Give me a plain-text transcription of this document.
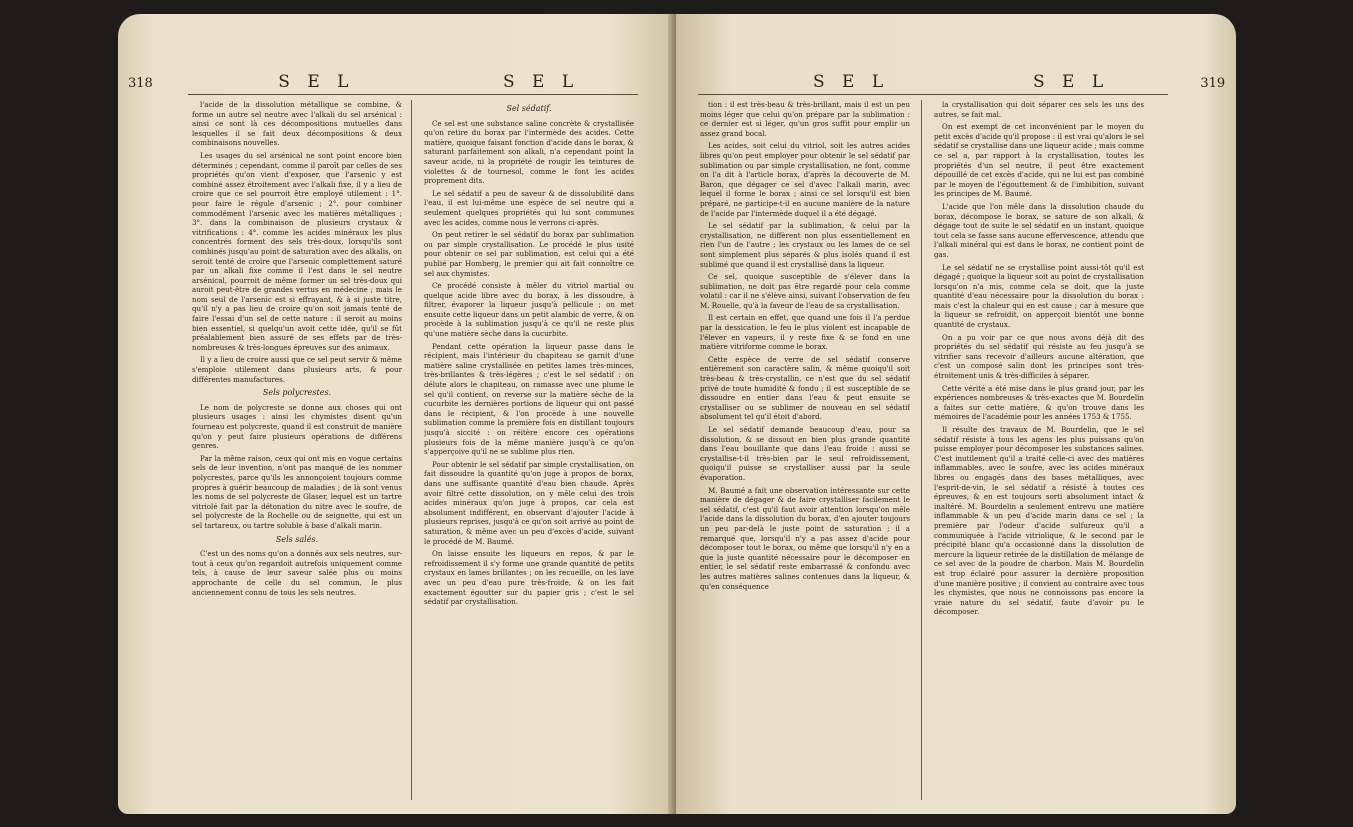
318	S E L	S E L

l'acide de la dissolution métallique se combine, & forme un autre sel neutre avec l'alkali du sel arsénical : ainsi ce sont là ces décompositions mutuelles dans lesquelles il se fait deux décompositions & deux combinaisons nouvelles.

Les usages du sel arsénical ne sont point encore bien déterminés ; cependant, comme il paroît par celles de ses propriétés qu'on vient d'exposer, que l'arsenic y est combiné assez étroitement avec l'alkali fixe, il y a lieu de croire que ce sel pourroit être employé utilement : 1°. pour faire le régule d'arsenic ; 2°. pour combiner commodément l'arsenic avec les matières métalliques ; 3°. dans la combinaison de plusieurs crystaux & vitrifications : 4°. comme les acides minéraux les plus concentrés forment des sels très-doux, lorsqu'ils sont combinés jusqu'au point de saturation avec des alkalis, on seroit tenté de croire que l'arsenic complettement saturé par un alkali fixe comme il l'est dans le sel neutre arsénical, pourroit de même former un sel très-doux qui auroit peut-être de grandes vertus en médecine ; mais le nom seul de l'arsenic est si effrayant, & à si juste titre, qu'il n'y a pas lieu de croire qu'on soit jamais tenté de faire l'essai d'un sel de cette nature : il seroit au moins bien essentiel, si quelqu'un avoit cette idée, qu'il se fût préalablement bien assuré de ses effets par de très-nombreuses & très-longues épreuves sur des animaux.

Il y a lieu de croire aussi que ce sel peut servir & même s'emploie utilement dans plusieurs arts, & pour différentes manufactures.

Sels polycrestes.

Le nom de polycreste se donne aux choses qui ont plusieurs usages : ainsi les chymistes disent qu'un fourneau est polycreste, quand il est construit de manière qu'on y peut faire plusieurs opérations de différens genres.

Par la même raison, ceux qui ont mis en vogue certains sels de leur invention, n'ont pas manqué de les nommer polycrestes, parce qu'ils les annonçoient toujours comme propres à guérir beaucoup de maladies ; de là sont venus les noms de sel polycreste de Glaser, lequel est un tartre vitriolé fait par la détonation du nitre avec le soufre, de sel polycreste de la Rochelle ou de seignette, qui est un sel tartareux, ou tartre soluble à base d'alkali marin.

Sels salés.

C'est un des noms qu'on a donnés aux sels neutres, sur-tout à ceux qu'on regardoit autrefois uniquement comme tels, à cause de leur saveur salée plus ou moins approchante de celle du sel commun, le plus anciennement connu de tous les sels neutres.

Sel sédatif.

Ce sel est une substance saline concrète & crystallisée qu'on retire du borax par l'intermède des acides. Cette matière, quoique faisant fonction d'acide dans le borax, & saturant parfaitement son alkali, n'a cependant point la saveur acide, ni la propriété de rougir les teintures de violettes & de tournesol, comme le font les acides proprement dits.

Le sel sédatif a peu de saveur & de dissolubilité dans l'eau, il est lui-même une espèce de sel neutre qui a seulement quelques propriétés qui lui sont communes avec les acides, comme nous le verrons ci-après.

On peut retirer le sel sédatif du borax par sublimation ou par simple crystallisation. Le procédé le plus usité pour obtenir ce sel par sublimation, est celui qui a été publié par Homberg, le premier qui ait fait connoître ce sel aux chymistes.

Ce procédé consiste à mêler du vitriol martial ou quelque acide libre avec du borax, à les dissoudre, à filtrer, évaporer la liqueur jusqu'à pellicule ; on met ensuite cette liqueur dans un petit alambic de verre, & on procède à la sublimation jusqu'à ce qu'il ne reste plus qu'une matière sèche dans la cucurbite.

Pendant cette opération la liqueur passe dans le récipient, mais l'intérieur du chapiteau se garnit d'une matière saline crystallisée en petites lames très-minces, très-brillantes & très-légères ; c'est le sel sédatif : on délute alors le chapiteau, on ramasse avec une plume le sel qu'il contient, on reverse sur la matière sèche de la cucurbite les dernières portions de liqueur qui ont passé dans le récipient, & l'on procède à une nouvelle sublimation comme la première fois en distillant toujours jusqu'à siccité : on réitère encore ces opérations plusieurs fois de la même manière jusqu'à ce qu'on s'apperçoive qu'il ne se sublime plus rien.

Pour obtenir le sel sédatif par simple crystallisation, on fait dissoudre la quantité qu'on juge à propos de borax, dans une suffisante quantité d'eau bien chaude. Après avoir filtré cette dissolution, on y mêle celui des trois acides minéraux qu'on juge à propos, car cela est absolument indifférent, en observant d'ajouter l'acide à plusieurs reprises, jusqu'à ce qu'on soit arrivé au point de saturation, & même avec un peu d'excès d'acide, suivant le procédé de M. Baumé.

On laisse ensuite les liqueurs en repos, & par le refroidissement il s'y forme une grande quantité de petits crystaux en lames brillantes ; on les recueille, on les lave avec un peu d'eau pure très-froide, & on les fait exactement égoutter sur du papier gris ; c'est le sel sédatif par crystallisation.

S E L	S E L	319

tion : il est très-beau & très-brillant, mais il est un peu moins léger que celui qu'on prépare par la sublimation : ce dernier est si léger, qu'un gros suffit pour emplir un assez grand bocal.

Les acides, soit celui du vitriol, soit les autres acides libres qu'on peut employer pour obtenir le sel sédatif par sublimation ou par simple crystallisation, ne font, comme on l'a dit à l'article borax, d'après la découverte de M. Baron, que dégager ce sel d'avec l'alkali marin, avec lequel il forme le borax ; ainsi ce sel lorsqu'il est bien préparé, ne participe-t-il en aucune manière de la nature de l'acide par l'intermède duquel il a été dégagé.

Le sel sédatif par la sublimation, & celui par la crystallisation, ne diffèrent non plus essentiellement en rien l'un de l'autre ; les crystaux ou les lames de ce sel sont simplement plus séparés & plus isolés quand il est sublimé que quand il est crystallisé dans la liqueur.

Ce sel, quoique susceptible de s'élever dans la sublimation, ne doit pas être regardé pour cela comme volatil : car il ne s'élève ainsi, suivant l'observation de feu M. Rouelle, qu'à la faveur de l'eau de sa crystallisation.

Il est certain en effet, que quand une fois il l'a perdue par la dessication, le feu le plus violent est incapable de l'élever en vapeurs, il y reste fixe & se fond en une matière vitriforme comme le borax.

Cette espèce de verre de sel sédatif conserve entièrement son caractère salin, & même quoiqu'il soit très-beau & très-crystallin, ce n'est que du sel sédatif privé de toute humidité & fondu ; il est susceptible de se dissoudre en entier dans l'eau & peut ensuite se crystalliser ou se sublimer de nouveau en sel sédatif absolument tel qu'il étoit d'abord.

Le sel sédatif demande beaucoup d'eau, pour sa dissolution, & se dissout en bien plus grande quantité dans l'eau bouillante que dans l'eau froide : aussi se crystallise-t-il très-bien par le seul refroidissement, quoiqu'il puisse se crystalliser aussi par la seule évaporation.

M. Baumé a fait une observation intéressante sur cette manière de dégager & de faire crystalliser facilement le sel sédatif, c'est qu'il faut avoir attention lorsqu'on mêle l'acide dans la dissolution du borax, d'en ajouter toujours un peu par-delà le juste point de saturation ; il a remarqué que, lorsqu'il n'y a pas assez d'acide pour décomposer tout le borax, ou même que lorsqu'il n'y en a que la juste quantité nécessaire pour le décomposer en entier, le sel sédatif reste embarrassé & confondu avec les autres matières salines contenues dans la liqueur, & qu'en conséquence

la crystallisation qui doit séparer ces sels les uns des autres, se fait mal.

On est exempt de cet inconvénient par le moyen du petit excès d'acide qu'il propose : il est vrai qu'alors le sel sédatif se crystallise dans une liqueur acide ; mais comme ce sel a, par rapport à la crystallisation, toutes les propriétés d'un sel neutre, il peut être exactement dépouillé de cet excès d'acide, qui ne lui est pas combiné par le moyen de l'égouttement & de l'imbibition, suivant les principes de M. Baumé.

L'acide que l'on mêle dans la dissolution chaude du borax, décompose le borax, se sature de son alkali, & dégage tout de suite le sel sédatif en un instant, quoique tout cela se fasse sans aucune effervescence, attendu que l'alkali minéral qui est dans le borax, ne contient point de gas.

Le sel sédatif ne se crystallise point aussi-tôt qu'il est dégagé ; quoique la liqueur soit au point de crystallisation lorsqu'on n'a mis, comme cela se doit, que la juste quantité d'eau nécessaire pour la dissolution du borax : mais c'est la chaleur qui en est cause ; car à mesure que la liqueur se refroidit, on apperçoit bientôt une bonne quantité de crystaux.

On a pu voir par ce que nous avons déjà dit des propriétés du sel sédatif qui résiste au feu jusqu'à se vitrifier sans recevoir d'ailleurs aucune altération, que c'est un composé salin dont les principes sont très-étroitement unis & très-difficiles à séparer.

Cette vérité a été mise dans le plus grand jour, par les expériences nombreuses & très-exactes que M. Bourdelin a faites sur cette matière, & qu'on trouve dans les mémoires de l'académie pour les années 1753 & 1755.

Il résulte des travaux de M. Bourdelin, que le sel sédatif résiste à tous les agens les plus puissans qu'on puisse employer pour décomposer les substances salines. C'est inutilement qu'il a traité celle-ci avec des matières inflammables, avec le soufre, avec les acides minéraux libres ou engagés dans des bases métalliques, avec l'esprit-de-vin, le sel sédatif a résisté à toutes ces épreuves, & en est toujours sorti absolument intact & inaltéré. M. Bourdelin a seulement entrevu une matière inflammable & un peu d'acide marin dans ce sel ; la première par l'odeur d'acide sulfureux qu'il a communiquée à l'acide vitriolique, & le second par le précipité blanc qu'a occasionné dans la dissolution de mercure la liqueur retirée de la distillation de mélange de ce sel avec de la poudre de charbon. Mais M. Bourdelin est trop éclairé pour assurer la dernière proposition d'une manière positive ; il convient au contraire avec tous les chymistes, que nous ne connoissons pas encore la vraie nature du sel sédatif, faute d'avoir pu le décomposer.
